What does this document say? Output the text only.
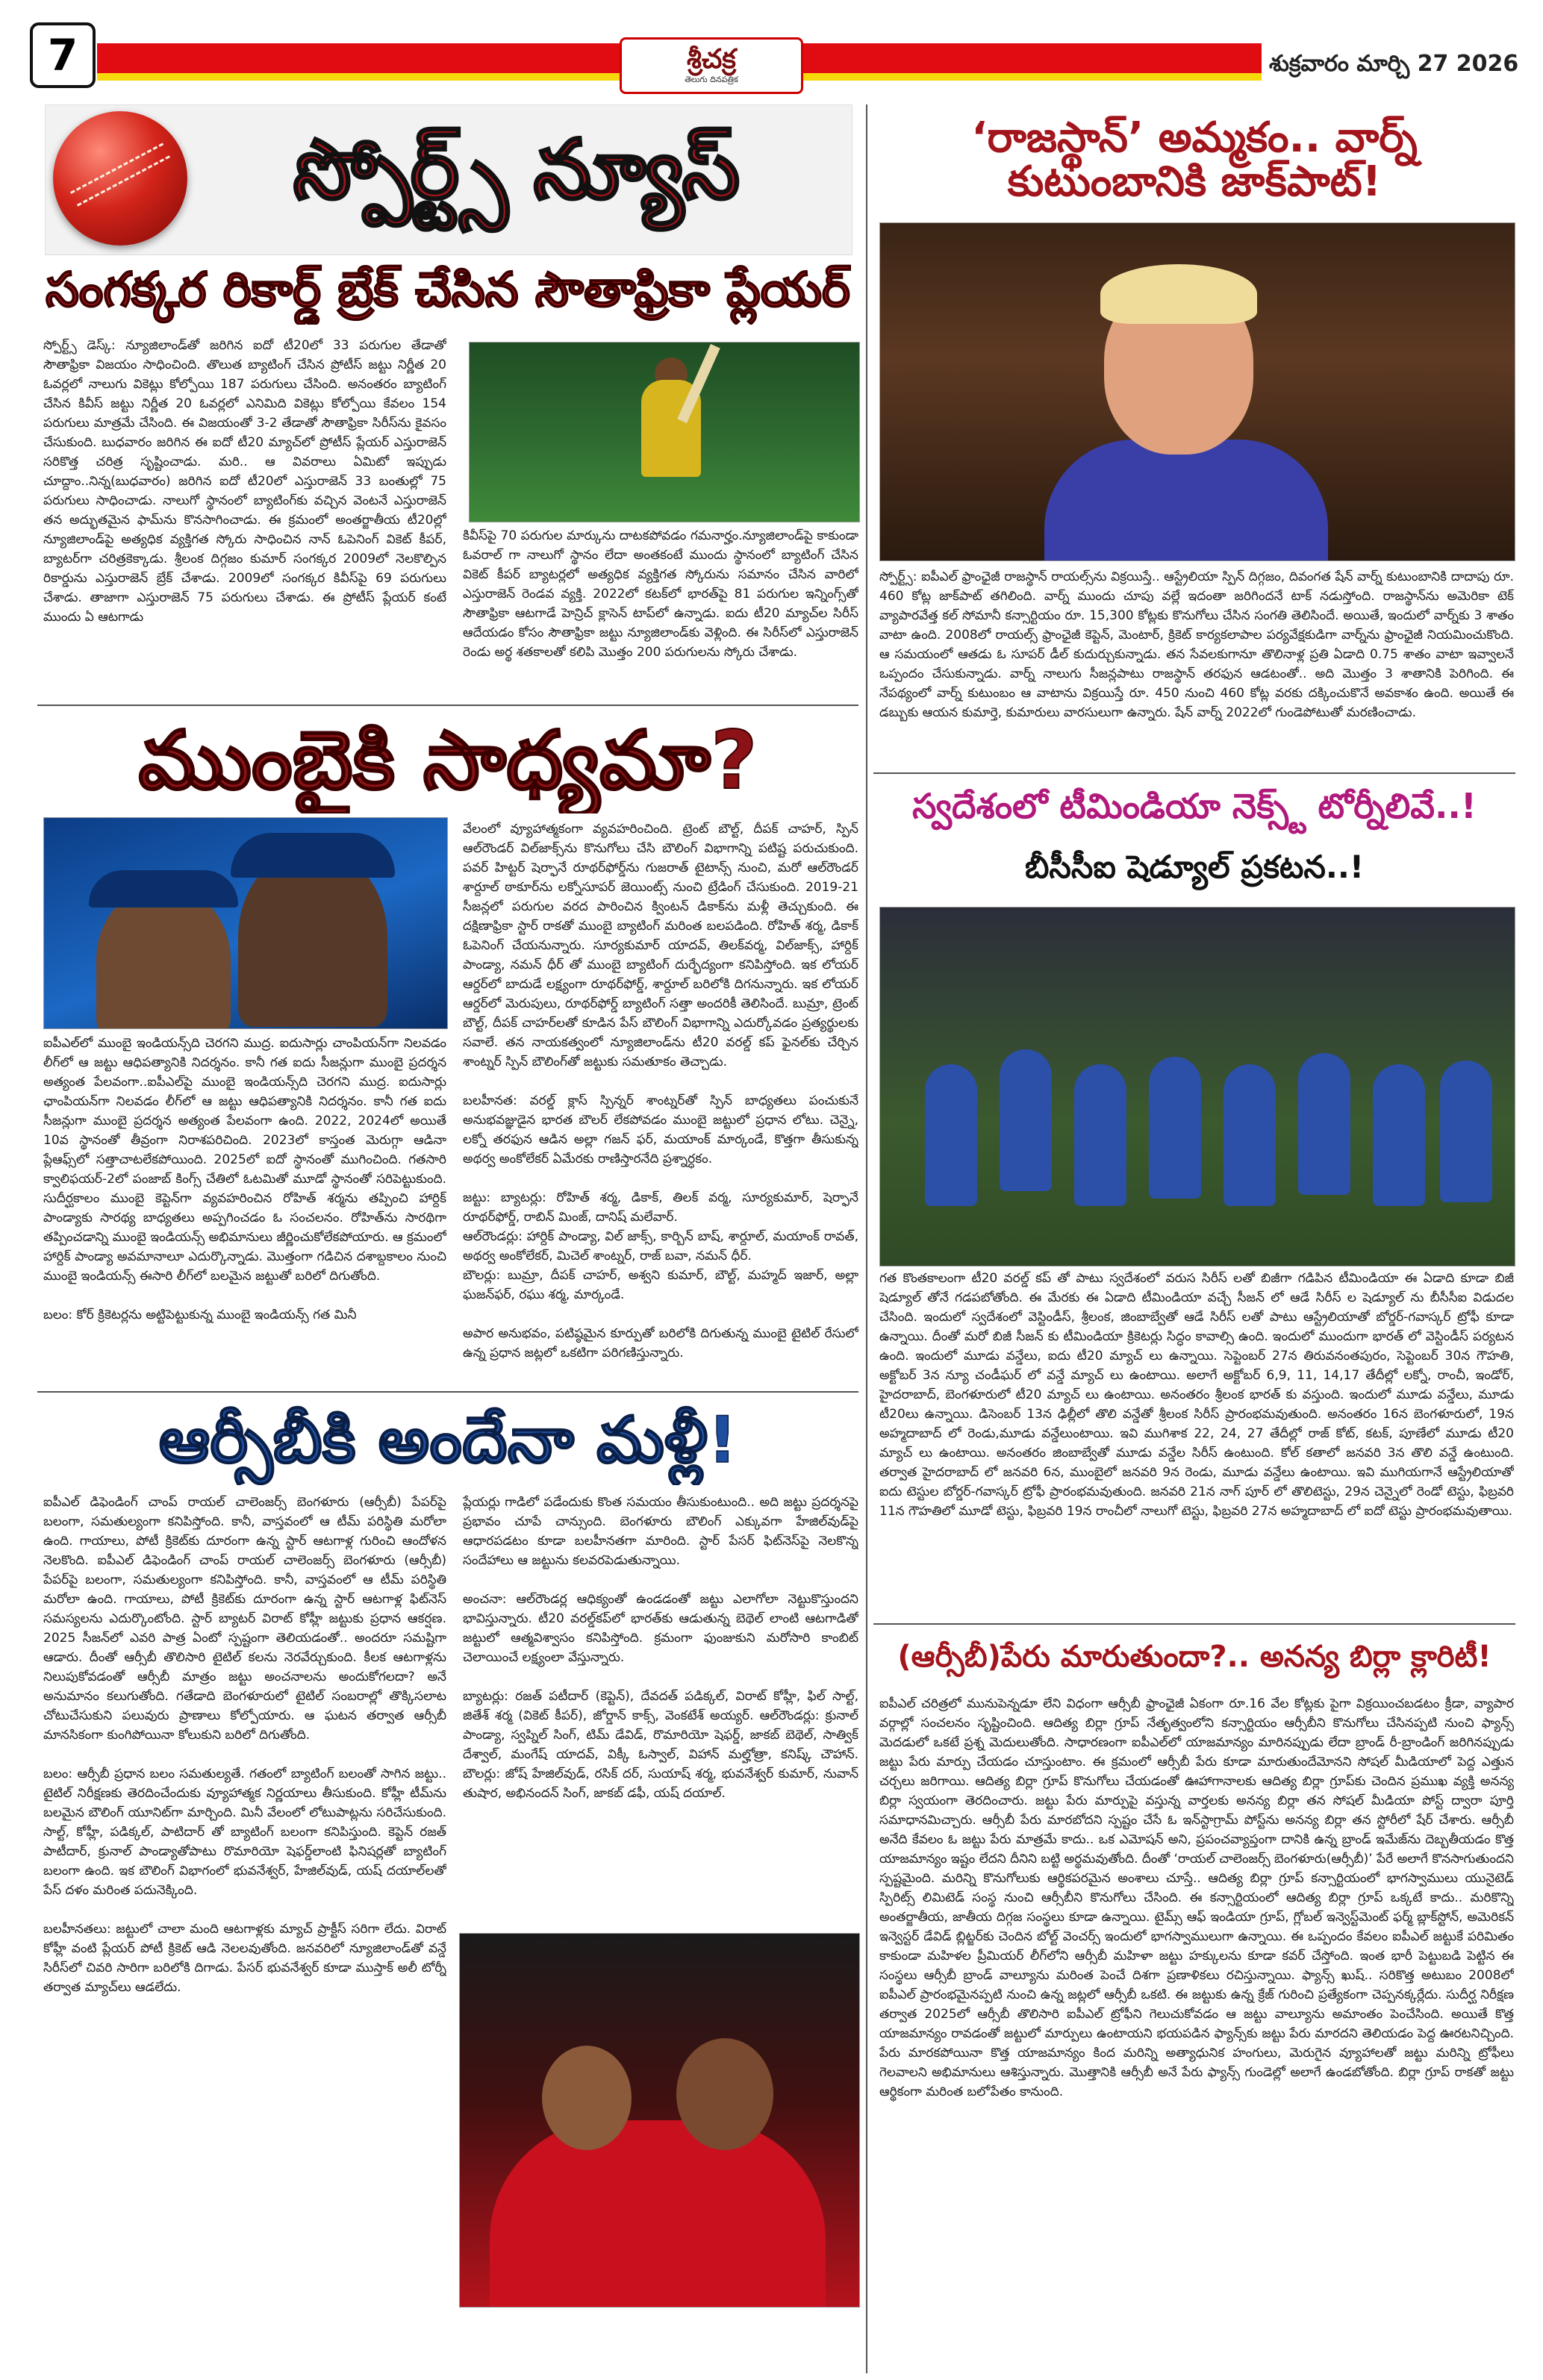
7	శ్రీచక్ర
తెలుగు దినపత్రిక
శుక్రవారం మార్చి 27 2026
స్పోర్ట్స్ న్యూస్
సంగక్కర రికార్డ్ బ్రేక్ చేసిన సౌతాఫ్రికా ప్లేయర్
స్పోర్ట్స్ డెస్క్: న్యూజిలాండ్‌తో జరిగిన ఐదో టీ20లో 33 పరుగుల తేడాతో సౌతాఫ్రికా విజయం సాధించింది. తొలుత బ్యాటింగ్ చేసిన ప్రోటీస్ జట్టు నిర్ణీత 20 ఓవర్లలో నాలుగు వికెట్లు కోల్పోయి 187 పరుగులు చేసింది. అనంతరం బ్యాటింగ్ చేసిన కివీస్ జట్టు నిర్ణీత 20 ఓవర్లలో ఎనిమిది వికెట్లు కోల్పోయి కేవలం 154 పరుగులు మాత్రమే చేసింది. ఈ విజయంతో 3-2 తేడాతో సౌతాఫ్రికా సిరీస్‌ను కైవసం చేసుకుంది. బుధవారం జరిగిన ఈ ఐదో టీ20 మ్యాచ్‌లో ప్రోటీస్ ప్లేయర్ ఎస్తురాజెన్ సరికొత్త చరిత్ర సృష్టించాడు. మరి.. ఆ వివరాలు ఏమిటో ఇప్పుడు చూద్దాం..నిన్న(బుధవారం) జరిగిన ఐదో టీ20లో ఎస్తురాజెన్ 33 బంతుల్లో 75 పరుగులు సాధించాడు. నాలుగో స్థానంలో బ్యాటింగ్‌కు వచ్చిన వెంటనే ఎస్తురాజెన్ తన అద్భుతమైన ఫామ్‌ను కొనసాగించాడు. ఈ క్రమంలో అంతర్జాతీయ టీ20ల్లో న్యూజిలాండ్‌పై అత్యధిక వ్యక్తిగత స్కోరు సాధించిన నాన్ ఓపెనింగ్ వికెట్ కీపర్, బ్యాటర్‌గా చరిత్రకెక్కాడు. శ్రీలంక దిగ్గజం కుమార్ సంగక్కర 2009లో నెలకొల్పిన రికార్డును ఎస్తురాజెన్ బ్రేక్ చేశాడు. 2009లో సంగక్కర కివీస్‌పై 69 పరుగులు చేశాడు. తాజాగా ఎస్తురాజెన్ 75 పరుగులు చేశాడు. ఈ ప్రోటీస్ ప్లేయర్ కంటే ముందు ఏ ఆటగాడు
కివీస్‌పై 70 పరుగుల మార్కును దాటకపోవడం గమనార్హం.న్యూజిలాండ్‌పై కాకుండా ఓవరాల్ గా నాలుగో స్థానం లేదా అంతకంటే ముందు స్థానంలో బ్యాటింగ్ చేసిన వికెట్ కీపర్ బ్యాటర్లలో అత్యధిక వ్యక్తిగత స్కోరును సమానం చేసిన వారిలో ఎస్తురాజెన్ రెండవ వ్యక్తి. 2022లో కటక్‌లో భారత్‌పై 81 పరుగుల ఇన్నింగ్స్‌తో సౌతాఫ్రికా ఆటగాడే హెన్రిచ్ క్లాసెన్ టాప్‌లో ఉన్నాడు. ఐదు టీ20 మ్యాచ్‌ల సిరీస్ ఆదేయడం కోసం సౌతాఫ్రికా జట్టు న్యూజిలాండ్‌కు వెళ్లింది. ఈ సిరీస్‌లో ఎస్తురాజెన్ రెండు అర్థ శతకాలతో కలిపి మొత్తం 200 పరుగులను స్కోరు చేశాడు.
‘రాజస్థాన్’ అమ్మకం.. వార్న్
కుటుంబానికి జాక్‌పాట్!
స్పోర్ట్స్: ఐపీఎల్ ఫ్రాంఛైజీ రాజస్థాన్ రాయల్స్‌ను విక్రయిస్తే.. ఆస్ట్రేలియా స్పిన్ దిగ్గజం, దివంగత షేన్ వార్న్ కుటుంబానికి దాదాపు రూ. 460 కోట్ల జాక్‌పాట్ తగిలింది. వార్న్ ముందు చూపు వల్లే ఇదంతా జరిగిందనే టాక్ నడుస్తోంది. రాజస్థాన్‌ను అమెరికా టెక్ వ్యాపారవేత్త కల్ సోమానీ కన్సార్టియం రూ. 15,300 కోట్లకు కొనుగోలు చేసిన సంగతి తెలిసిందే. అయితే, ఇందులో వార్న్‌కు 3 శాతం వాటా ఉంది. 2008లో రాయల్స్ ఫ్రాంఛైజీ కెప్టెన్, మెంటార్, క్రికెట్ కార్యకలాపాల పర్యవేక్షకుడిగా వార్న్‌ను ఫ్రాంఛైజీ నియమించుకొంది. ఆ సమయంలో ఆతడు ఓ సూపర్ డీల్ కుదుర్చుకున్నాడు. తన సేవలకుగానూ తొలినాళ్ల ప్రతి ఏడాది 0.75 శాతం వాటా ఇవ్వాలనే ఒప్పందం చేసుకున్నాడు. వార్న్ నాలుగు సీజన్లపాటు రాజస్థాన్ తరఫున ఆడటంతో.. అది మొత్తం 3 శాతానికి పెరిగింది. ఈ నేపథ్యంలో వార్న్ కుటుంబం ఆ వాటాను విక్రయిస్తే రూ. 450 నుంచి 460 కోట్ల వరకు దక్కించుకొనే అవకాశం ఉంది. అయితే ఈ డబ్బుకు ఆయన కుమార్తె, కుమారులు వారసులుగా ఉన్నారు. షేన్ వార్న్ 2022లో గుండెపోటుతో మరణించాడు.
ముంబైకి సాధ్యమా?
ఐపీఎల్‌లో ముంబై ఇండియన్స్‌ది చెరగని ముద్ర. ఐదుసార్లు చాంపియన్‌గా నిలవడం లీగ్‌లో ఆ జట్టు ఆధిపత్యానికి నిదర్శనం. కానీ గత ఐదు సీజన్లుగా ముంబై ప్రదర్శన అత్యంత పేలవంగా..ఐపీఎల్‌పై ముంబై ఇండియన్స్‌ది చెరగని ముద్ర. ఐదుసార్లు ఛాంపియన్‌గా నిలవడం లీగ్‌లో ఆ జట్టు ఆధిపత్యానికి నిదర్శనం. కానీ గత ఐదు సీజన్లుగా ముంబై ప్రదర్శన అత్యంత పేలవంగా ఉంది. 2022, 2024లో అయితే 10వ స్థానంతో తీవ్రంగా నిరాశపరిచింది. 2023లో కాస్తంత మెరుగ్గా ఆడినా ప్లేఆఫ్స్‌లో సత్తాచాటలేకపోయింది. 2025లో ఐదో స్థానంతో ముగించింది. గతసారి క్వాలిఫయర్-2లో పంజాబ్ కింగ్స్ చేతిలో ఓటమితో మూడో స్థానంతో సరిపెట్టుకుంది. సుదీర్ఘకాలం ముంబై కెప్టెన్‌గా వ్యవహరించిన రోహిత్ శర్మను తప్పించి హార్దిక్ పాండ్యాకు సారథ్య బాధ్యతలు అప్పగించడం ఓ సంచలనం. రోహిత్‌ను సారథిగా తప్పించడాన్ని ముంబై ఇండియన్స్ అభిమానులు జీర్ణించుకోలేకపోయారు. ఆ క్రమంలో హార్దిక్ పాండ్యా అవమానాలూ ఎదుర్కొన్నాడు. మొత్తంగా గడిచిన దశాబ్దకాలం నుంచి ముంబై ఇండియన్స్ ఈసారి లీగ్‌లో బలమైన జట్టుతో బరిలో దిగుతోంది.

బలం: కోర్ క్రికెటర్లను అట్టిపెట్టుకున్న ముంబై ఇండియన్స్ గత మినీ
వేలంలో వ్యూహాత్మకంగా వ్యవహరించింది. ట్రెంట్ బౌల్ట్, దీపక్ చాహర్, స్పిన్ ఆల్‌రౌండర్ విల్‌జాక్స్‌ను కొనుగోలు చేసి బౌలింగ్ విభాగాన్ని పటిష్ట పరుచుకుంది. పవర్ హిట్టర్ షెర్ఫానే రూథర్‌ఫోర్డ్‌ను గుజరాత్ టైటాన్స్ నుంచి, మరో ఆల్‌రౌండర్ శార్దూల్ ఠాకూర్‌ను లక్నోసూపర్ జెయింట్స్ నుంచి ట్రేడింగ్ చేసుకుంది. 2019-21 సీజన్లలో పరుగుల వరద పారించిన క్వింటన్ డికాక్‌ను మళ్లీ తెచ్చుకుంది. ఈ దక్షిణాఫ్రికా స్టార్ రాకతో ముంబై బ్యాటింగ్ మరింత బలపడింది. రోహిత్ శర్మ, డికాక్ ఓపెనింగ్ చేయనున్నారు. సూర్యకుమార్ యాదవ్, తిలక్‌వర్మ, విల్‌జాక్స్, హార్దిక్ పాండ్యా, నమన్ ధీర్ తో ముంబై బ్యాటింగ్ దుర్భేద్యంగా కనిపిస్తోంది. ఇక లోయర్ ఆర్డర్‌లో బాదుడే లక్ష్యంగా రూథర్‌ఫోర్డ్, శార్దూల్ బరిలోకి దిగనున్నారు. ఇక లోయర్ ఆర్డర్‌లో మెరుపులు, రూథర్‌ఫోర్డ్ బ్యాటింగ్ సత్తా అందరికీ తెలిసిందే. బుమ్రా, ట్రెంట్ బౌల్ట్, దీపక్ చాహర్‌లతో కూడిన పేస్ బౌలింగ్ విభాగాన్ని ఎదుర్కోవడం ప్రత్యర్థులకు సవాలే. తన నాయకత్వంలో న్యూజిలాండ్‌ను టీ20 వరల్డ్ కప్ ఫైనల్‌కు చేర్చిన శాంట్నర్ స్పిన్ బౌలింగ్‌తో జట్టుకు సమతూకం తెచ్చాడు.

బలహీనత: వరల్డ్ క్లాస్ స్పిన్నర్ శాంట్నర్‌తో స్పిన్ బాధ్యతలు పంచుకునే అనుభవజ్ఞుడైన భారత బౌలర్ లేకపోవడం ముంబై జట్టులో ప్రధాన లోటు. చెన్నై, లక్నో తరఫున ఆడిన అల్లా గజన్ ఫర్, మయాంక్ మార్కండే, కొత్తగా తీసుకున్న అథర్వ అంకోలేకర్ ఏమేరకు రాణిస్తారనేది ప్రశ్నార్ధకం.

జట్టు: బ్యాటర్లు: రోహిత్ శర్మ, డికాక్, తిలక్ వర్మ, సూర్యకుమార్, షెర్ఫానే రూథర్‌ఫోర్డ్, రాబిన్ మింజ్, దానిష్ మలేవార్.
ఆల్‌రౌండర్లు: హార్దిక్ పాండ్యా, విల్ జాక్స్, కార్బిన్ బాష్, శార్దూల్, మయాంక్ రావత్, అథర్వ అంకోలేకర్, మిచెల్ శాంట్నర్, రాజ్ బవా, నమన్ ధీర్.
బౌలర్లు: బుమ్రా, దీపక్ చాహర్, అశ్వని కుమార్, బౌల్ట్, మహ్మద్ ఇజార్, అల్లా ఘజన్‌ఫర్, రఘు శర్మ, మార్కండే.

అపార అనుభవం, పటిష్ఠమైన కూర్పుతో బరిలోకి దిగుతున్న ముంబై టైటిల్ రేసులో ఉన్న ప్రధాన జట్లలో ఒకటిగా పరిగణిస్తున్నారు.
స్వదేశంలో టీమిండియా నెక్స్ట్ టోర్నీలివే..!
బీసీసీఐ షెడ్యూల్ ప్రకటన..!
గత కొంతకాలంగా టీ20 వరల్డ్ కప్ తో పాటు స్వదేశంలో వరుస సిరీస్ లతో బిజీగా గడిపిన టీమిండియా ఈ ఏడాది కూడా బిజీ షెడ్యూల్ తోనే గడపబోతోంది. ఈ మేరకు ఈ ఏడాది టీమిండియా వచ్చే సీజన్ లో ఆడే సిరీస్ ల షెడ్యూల్ ను బీసీసీఐ విడుదల చేసింది. ఇందులో స్వదేశంలో వెస్టిండీస్, శ్రీలంక, జింబాబ్వేతో ఆడే సిరీస్ లతో పాటు ఆస్ట్రేలియాతో బోర్డర్-గవాస్కర్ ట్రోఫీ కూడా ఉన్నాయి. దీంతో మరో బిజీ సీజన్ కు టీమిండియా క్రికెటర్లు సిద్ధం కావాల్సి ఉంది. ఇందులో ముందుగా భారత్ లో వెస్టిండీస్ పర్యటన ఉంది. ఇందులో మూడు వన్డేలు, ఐదు టీ20 మ్యాచ్ లు ఉన్నాయి. సెప్టెంబర్ 27న తిరువనంతపురం, సెప్టెంబర్ 30న గౌహతి, అక్టోబర్ 3న న్యూ చండీఘర్ లో వన్డే మ్యాచ్ లు ఉంటాయి. అలాగే అక్టోబర్ 6,9, 11, 14,17 తేదీల్లో లక్నో, రాంచీ, ఇండోర్, హైదరాబాద్, బెంగళూరులో టీ20 మ్యాచ్ లు ఉంటాయి. అనంతరం శ్రీలంక భారత్ కు వస్తుంది. ఇందులో మూడు వన్డేలు, మూడు టీ20లు ఉన్నాయి. డిసెంబర్ 13న ఢిల్లీలో తొలి వన్డేతో శ్రీలంక సిరీస్ ప్రారంభమవుతుంది. అనంతరం 16న బెంగళూరులో, 19న అహ్మదాబాద్ లో రెండు,మూడు వన్డేలుంటాయి. ఇవి ముగిశాక 22, 24, 27 తేదీల్లో రాజ్ కోట్, కటక్, పూణేలో మూడు టీ20 మ్యాచ్ లు ఉంటాయి. అనంతరం జింబాబ్వేతో మూడు వన్డేల సిరీస్ ఉంటుంది. కోల్ కతాలో జనవరి 3న తొలి వన్డే ఉంటుంది. తర్వాత హైదరాబాద్ లో జనవరి 6న, ముంబైలో జనవరి 9న రెండు, మూడు వన్డేలు ఉంటాయి. ఇవి ముగియగానే ఆస్ట్రేలియాతో ఐదు టెస్టుల బోర్డర్-గవాస్కర్ ట్రోఫీ ప్రారంభమవుతుంది. జనవరి 21న నాగ్ పూర్ లో తొలిటెస్టు, 29న చెన్నైలో రెండో టెస్టు, ఫిబ్రవరి 11న గౌహతిలో మూడో టెస్టు, ఫిబ్రవరి 19న రాంచీలో నాలుగో టెస్టు, ఫిబ్రవరి 27న అహ్మదాబాద్ లో ఐదో టెస్టు ప్రారంభమవుతాయి.
ఆర్సీబీకి అందేనా మళ్లీ!
ఐపీఎల్ డిఫెండింగ్ చాంప్ రాయల్ చాలెంజర్స్ బెంగళూరు (ఆర్సీబీ) పేపర్‌పై బలంగా, సమతుల్యంగా కనిపిస్తోంది. కానీ, వాస్తవంలో ఆ టీమ్ పరిస్థితి మరోలా ఉంది. గాయాలు, పోటీ క్రికెట్‌కు దూరంగా ఉన్న స్టార్ ఆటగాళ్ల గురించి ఆందోళన నెలకొంది. ఐపీఎల్ డిఫెండింగ్ చాంప్ రాయల్ చాలెంజర్స్ బెంగళూరు (ఆర్సీబీ) పేపర్‌పై బలంగా, సమతుల్యంగా కనిపిస్తోంది. కానీ, వాస్తవంలో ఆ టీమ్ పరిస్థితి మరోలా ఉంది. గాయాలు, పోటీ క్రికెట్‌కు దూరంగా ఉన్న స్టార్ ఆటగాళ్ల ఫిట్‌నెస్ సమస్యలను ఎదుర్కొంటోంది. స్టార్ బ్యాటర్ విరాట్ కోహ్లీ జట్టుకు ప్రధాన ఆకర్షణ. 2025 సీజన్‌లో ఎవరి పాత్ర ఏంటో స్పష్టంగా తెలియడంతో.. అందరూ సమష్టిగా ఆడారు. దీంతో ఆర్సీబీ తొలిసారి టైటిల్ కలను నెరవేర్చుకుంది. కీలక ఆటగాళ్లను నిలుపుకోవడంతో ఆర్సీబీ మాత్రం జట్టు అంచనాలను అందుకోగలదా? అనే అనుమానం కలుగుతోంది. గతేడాది బెంగళూరులో టైటిల్ సంబరాల్లో తొక్కిసలాట చోటుచేసుకుని పలువురు ప్రాణాలు కోల్పోయారు. ఆ ఘటన తర్వాత ఆర్సీబీ మానసికంగా కుంగిపోయినా కోలుకుని బరిలో దిగుతోంది.

బలం: ఆర్సీబీ ప్రధాన బలం సమతుల్యతే. గతంలో బ్యాటింగ్ బలంతో సాగిన జట్టు.. టైటిల్ నిరీక్షణకు తెరదించేందుకు వ్యూహాత్మక నిర్ణయాలు తీసుకుంది. కోహ్లీ టీమ్‌ను బలమైన బౌలింగ్ యూనిట్‌గా మార్చింది. మినీ వేలంలో లోటుపాట్లను సరిచేసుకుంది. సాల్ట్, కోహ్లీ, పడిక్కల్, పాటిదార్ తో బ్యాటింగ్ బలంగా కనిపిస్తుంది. కెప్టెన్ రజత్ పాటీదార్, క్రునాల్ పాండ్యాతోపాటు రొమారియో షెఫర్డ్‌లాంటి ఫినిషర్లతో బ్యాటింగ్ బలంగా ఉంది. ఇక బౌలింగ్ విభాగంలో భువనేశ్వర్, హేజిల్‌వుడ్, యష్ దయాల్‌లతో పేస్ దళం మరింత పదునెక్కింది.

బలహీనతలు: జట్టులో చాలా మంది ఆటగాళ్లకు మ్యాచ్ ప్రాక్టీస్ సరిగా లేదు. విరాట్ కోహ్లీ వంటి ప్లేయర్ పోటీ క్రికెట్ ఆడి నెలలవుతోంది. జనవరిలో న్యూజిలాండ్‌తో వన్డే సిరీస్‌లో చివరి సారిగా బరిలోకి దిగాడు. పేసర్ భువనేశ్వర్ కూడా ముస్తాక్ అలీ టోర్నీ తర్వాత మ్యాచ్‌లు ఆడలేదు.
ప్లేయర్లు గాడిలో పడేందుకు కొంత సమయం తీసుకుంటుంది.. అది జట్టు ప్రదర్శనపై ప్రభావం చూపే చాన్సుంది. బెంగళూరు బౌలింగ్ ఎక్కువగా హేజిల్‌వుడ్‌పై ఆధారపడటం కూడా బలహీనతగా మారింది. స్టార్ పేసర్ ఫిట్‌నెస్‌పై నెలకొన్న సందేహాలు ఆ జట్టును కలవరపెడుతున్నాయి.

అంచనా: ఆల్‌రౌండర్ల ఆధిక్యంతో ఉండడంతో జట్టు ఎలాగోలా నెట్టుకొస్తుందని భావిస్తున్నారు. టీ20 వరల్డ్‌కప్‌లో భారత్‌కు ఆడుతున్న బెథెల్ లాంటి ఆటగాడితో జట్టులో ఆత్మవిశ్వాసం కనిపిస్తోంది. క్రమంగా ఫుంజుకుని మరోసారి కాంబిట్ చెలాయించే లక్ష్యంలా వేస్తున్నారు.

బ్యాటర్లు: రజత్ పటీదార్ (కెప్టెన్), దేవదత్ పడిక్కల్, విరాట్ కోహ్లీ, ఫిల్ సాల్ట్, జితేశ్ శర్మ (వికెట్ కీపర్), జోర్డాన్ కాక్స్, వెంకటేశ్ అయ్యర్. ఆల్‌రౌండర్లు: క్రునాల్ పాండ్యా, స్వప్నిల్ సింగ్, టిమ్ డేవిడ్, రొమారియో షెఫర్డ్, జాకబ్ బెథెల్, సాత్విక్ దేశ్వాల్, మంగేష్ యాదవ్, విక్కీ ఓస్వాల్, విహాన్ మల్హోత్రా, కనిష్క్ చౌహాన్. బౌలర్లు: జోష్ హేజిల్‌వుడ్, రసిక్ దర్, సుయాష్ శర్మ, భువనేశ్వర్ కుమార్, నువాన్ తుషార, అభినందన్ సింగ్, జాకబ్ డఫీ, యష్ దయాల్.
(ఆర్సీబీ)పేరు మారుతుందా?.. అనన్య బిర్లా క్లారిటీ!
ఐపీఎల్ చరిత్రలో మునుపెన్నడూ లేని విధంగా ఆర్సీబీ ఫ్రాంఛైజీ ఏకంగా రూ.16 వేల కోట్లకు పైగా విక్రయించబడటం క్రీడా, వ్యాపార వర్గాల్లో సంచలనం సృష్టించింది. ఆదిత్య బిర్లా గ్రూప్ నేతృత్వంలోని కన్సార్టియం ఆర్సీబీని కొనుగోలు చేసినప్పటి నుంచి ఫ్యాన్స్ మెదడులో ఒకటే ప్రశ్న మెదులుతోంది. సాధారణంగా ఐపీఎల్‌లో యాజమాన్యం మారినప్పుడు లేదా బ్రాండ్ రీ-బ్రాండింగ్ జరిగినప్పుడు జట్టు పేరు మార్పు చేయడం చూస్తుంటాం. ఈ క్రమంలో ఆర్సీబీ పేరు కూడా మారుతుందేమోనని సోషల్ మీడియాలో పెద్ద ఎత్తున చర్చలు జరిగాయి. ఆదిత్య బిర్లా గ్రూప్ కొనుగోలు చేయడంతో ఊహాగానాలకు ఆదిత్య బిర్లా గ్రూప్‌కు చెందిన ప్రముఖ వ్యక్తి అనన్య బిర్లా స్వయంగా తెరదించారు. జట్టు పేరు మార్పుపై వస్తున్న వార్తలకు అనన్య బిర్లా తన సోషల్ మీడియా పోస్ట్ ద్వారా పూర్తి సమాధానమిచ్చారు. ఆర్సీబీ పేరు మారబోదని స్పష్టం చేసే ఓ ఇన్‌స్టాగ్రామ్ పోస్ట్‌ను అనన్య బిర్లా తన స్టోరీలో షేర్ చేశారు. ఆర్సీబీ అనేది కేవలం ఓ జట్టు పేరు మాత్రమే కాదు.. ఒక ఎమోషన్ అని, ప్రపంచవ్యాప్తంగా దానికి ఉన్న బ్రాండ్ ఇమేజ్‌ను దెబ్బతీయడం కొత్త యాజమాన్యం ఇష్టం లేదని దీనిని బట్టి అర్థమవుతోంది. దీంతో ‘రాయల్ చాలెంజర్స్ బెంగళూరు(ఆర్సీబీ)’ పేరే అలాగే కొనసాగుతుందని స్పష్టమైంది. మరిన్ని కొనుగోలుకు ఆర్థికపరమైన అంశాలు చూస్తే.. ఆదిత్య బిర్లా గ్రూప్ కన్సార్టియంలో భాగస్వాములు యునైటెడ్ స్పిరిట్స్ లిమిటెడ్ సంస్థ నుంచి ఆర్సీబీని కొనుగోలు చేసింది. ఈ కన్సార్టియంలో ఆదిత్య బిర్లా గ్రూప్ ఒక్కటే కాదు.. మరికొన్ని అంతర్జాతీయ, జాతీయ దిగ్గజ సంస్థలు కూడా ఉన్నాయి. టైమ్స్ ఆఫ్ ఇండియా గ్రూప్, గ్లోబల్ ఇన్వెస్ట్‌మెంట్ ఫర్మ్ బ్లాక్‌స్టోన్, అమెరికన్ ఇన్వెస్టర్ డేవిడ్ బ్లిట్జర్‌కు చెందిన బోల్ట్ వెంచర్స్ ఇందులో భాగస్వాములుగా ఉన్నాయి. ఈ ఒప్పందం కేవలం ఐపీఎల్ జట్టుకే పరిమితం కాకుండా మహిళల ప్రీమియర్ లీగ్‌లోని ఆర్సీబీ మహిళా జట్టు హక్కులను కూడా కవర్ చేస్తోంది. ఇంత భారీ పెట్టుబడి పెట్టిన ఈ సంస్థలు ఆర్సీబీ బ్రాండ్ వాల్యూను మరింత పెంచే దిశగా ప్రణాళికలు రచిస్తున్నాయి. ఫ్యాన్స్ ఖుష్.. సరికొత్త అటుబం 2008లో ఐపీఎల్ ప్రారంభమైనప్పటి నుంచి ఉన్న జట్లలో ఆర్సీబీ ఒకటి. ఈ జట్టుకు ఉన్న క్రేజ్ గురించి ప్రత్యేకంగా చెప్పనక్కర్లేదు. సుదీర్ఘ నిరీక్షణ తర్వాత 2025లో ఆర్సీబీ తొలిసారి ఐపీఎల్ ట్రోఫీని గెలుచుకోవడం ఆ జట్టు వాల్యూను అమాంతం పెంచేసింది. అయితే కొత్త యాజమాన్యం రావడంతో జట్టులో మార్పులు ఉంటాయని భయపడిన ఫ్యాన్స్‌కు జట్టు పేరు మారదని తెలియడం పెద్ద ఊరటనిచ్చింది. పేరు మారకపోయినా కొత్త యాజమాన్యం కింద మరిన్ని అత్యాధునిక హంగులు, మెరుగైన వ్యూహాలతో జట్టు మరిన్ని ట్రోఫీలు గెలవాలని అభిమానులు ఆశిస్తున్నారు. మొత్తానికి ఆర్సీబీ అనే పేరు ఫ్యాన్స్ గుండెల్లో అలాగే ఉండబోతోంది. బిర్లా గ్రూప్ రాకతో జట్టు ఆర్థికంగా మరింత బలోపేతం కానుంది.
